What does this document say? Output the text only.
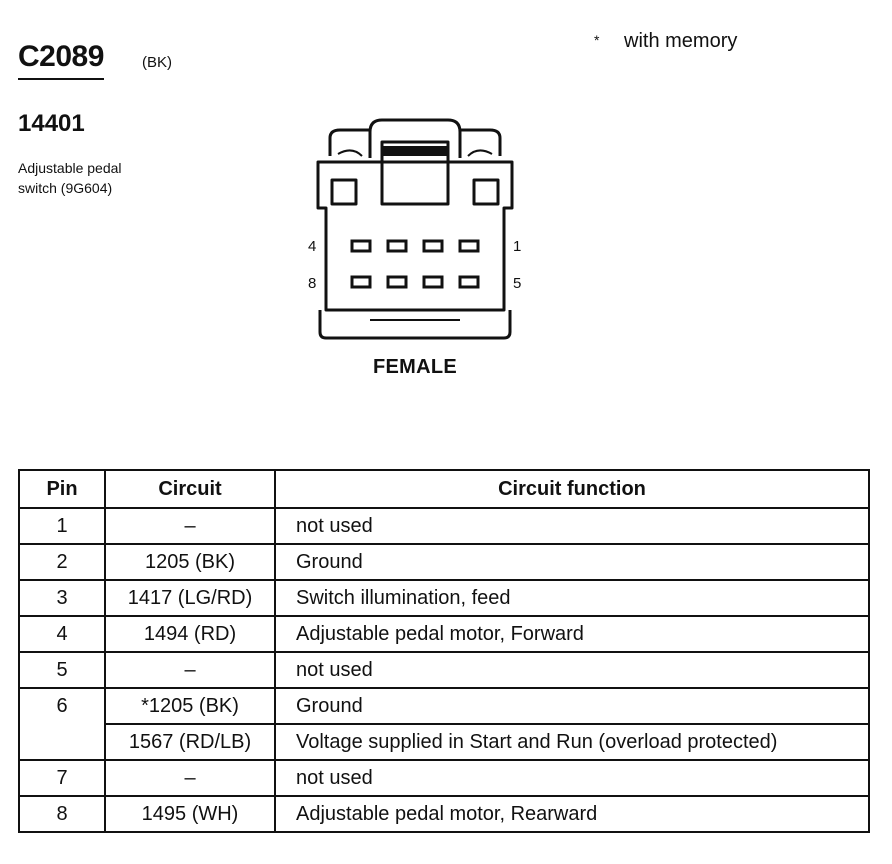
C2089	(BK)
* with memory
14401
Adjustable pedal
switch (9G604)
4	1
8	5
FEMALE
Pin	Circuit	Circuit function
1	–	not used
2	1205 (BK)	Ground
3	1417 (LG/RD)	Switch illumination, feed
4	1494 (RD)	Adjustable pedal motor, Forward
5	–	not used
6	*1205 (BK)	Ground
	1567 (RD/LB)	Voltage supplied in Start and Run (overload protected)
7	–	not used
8	1495 (WH)	Adjustable pedal motor, Rearward
